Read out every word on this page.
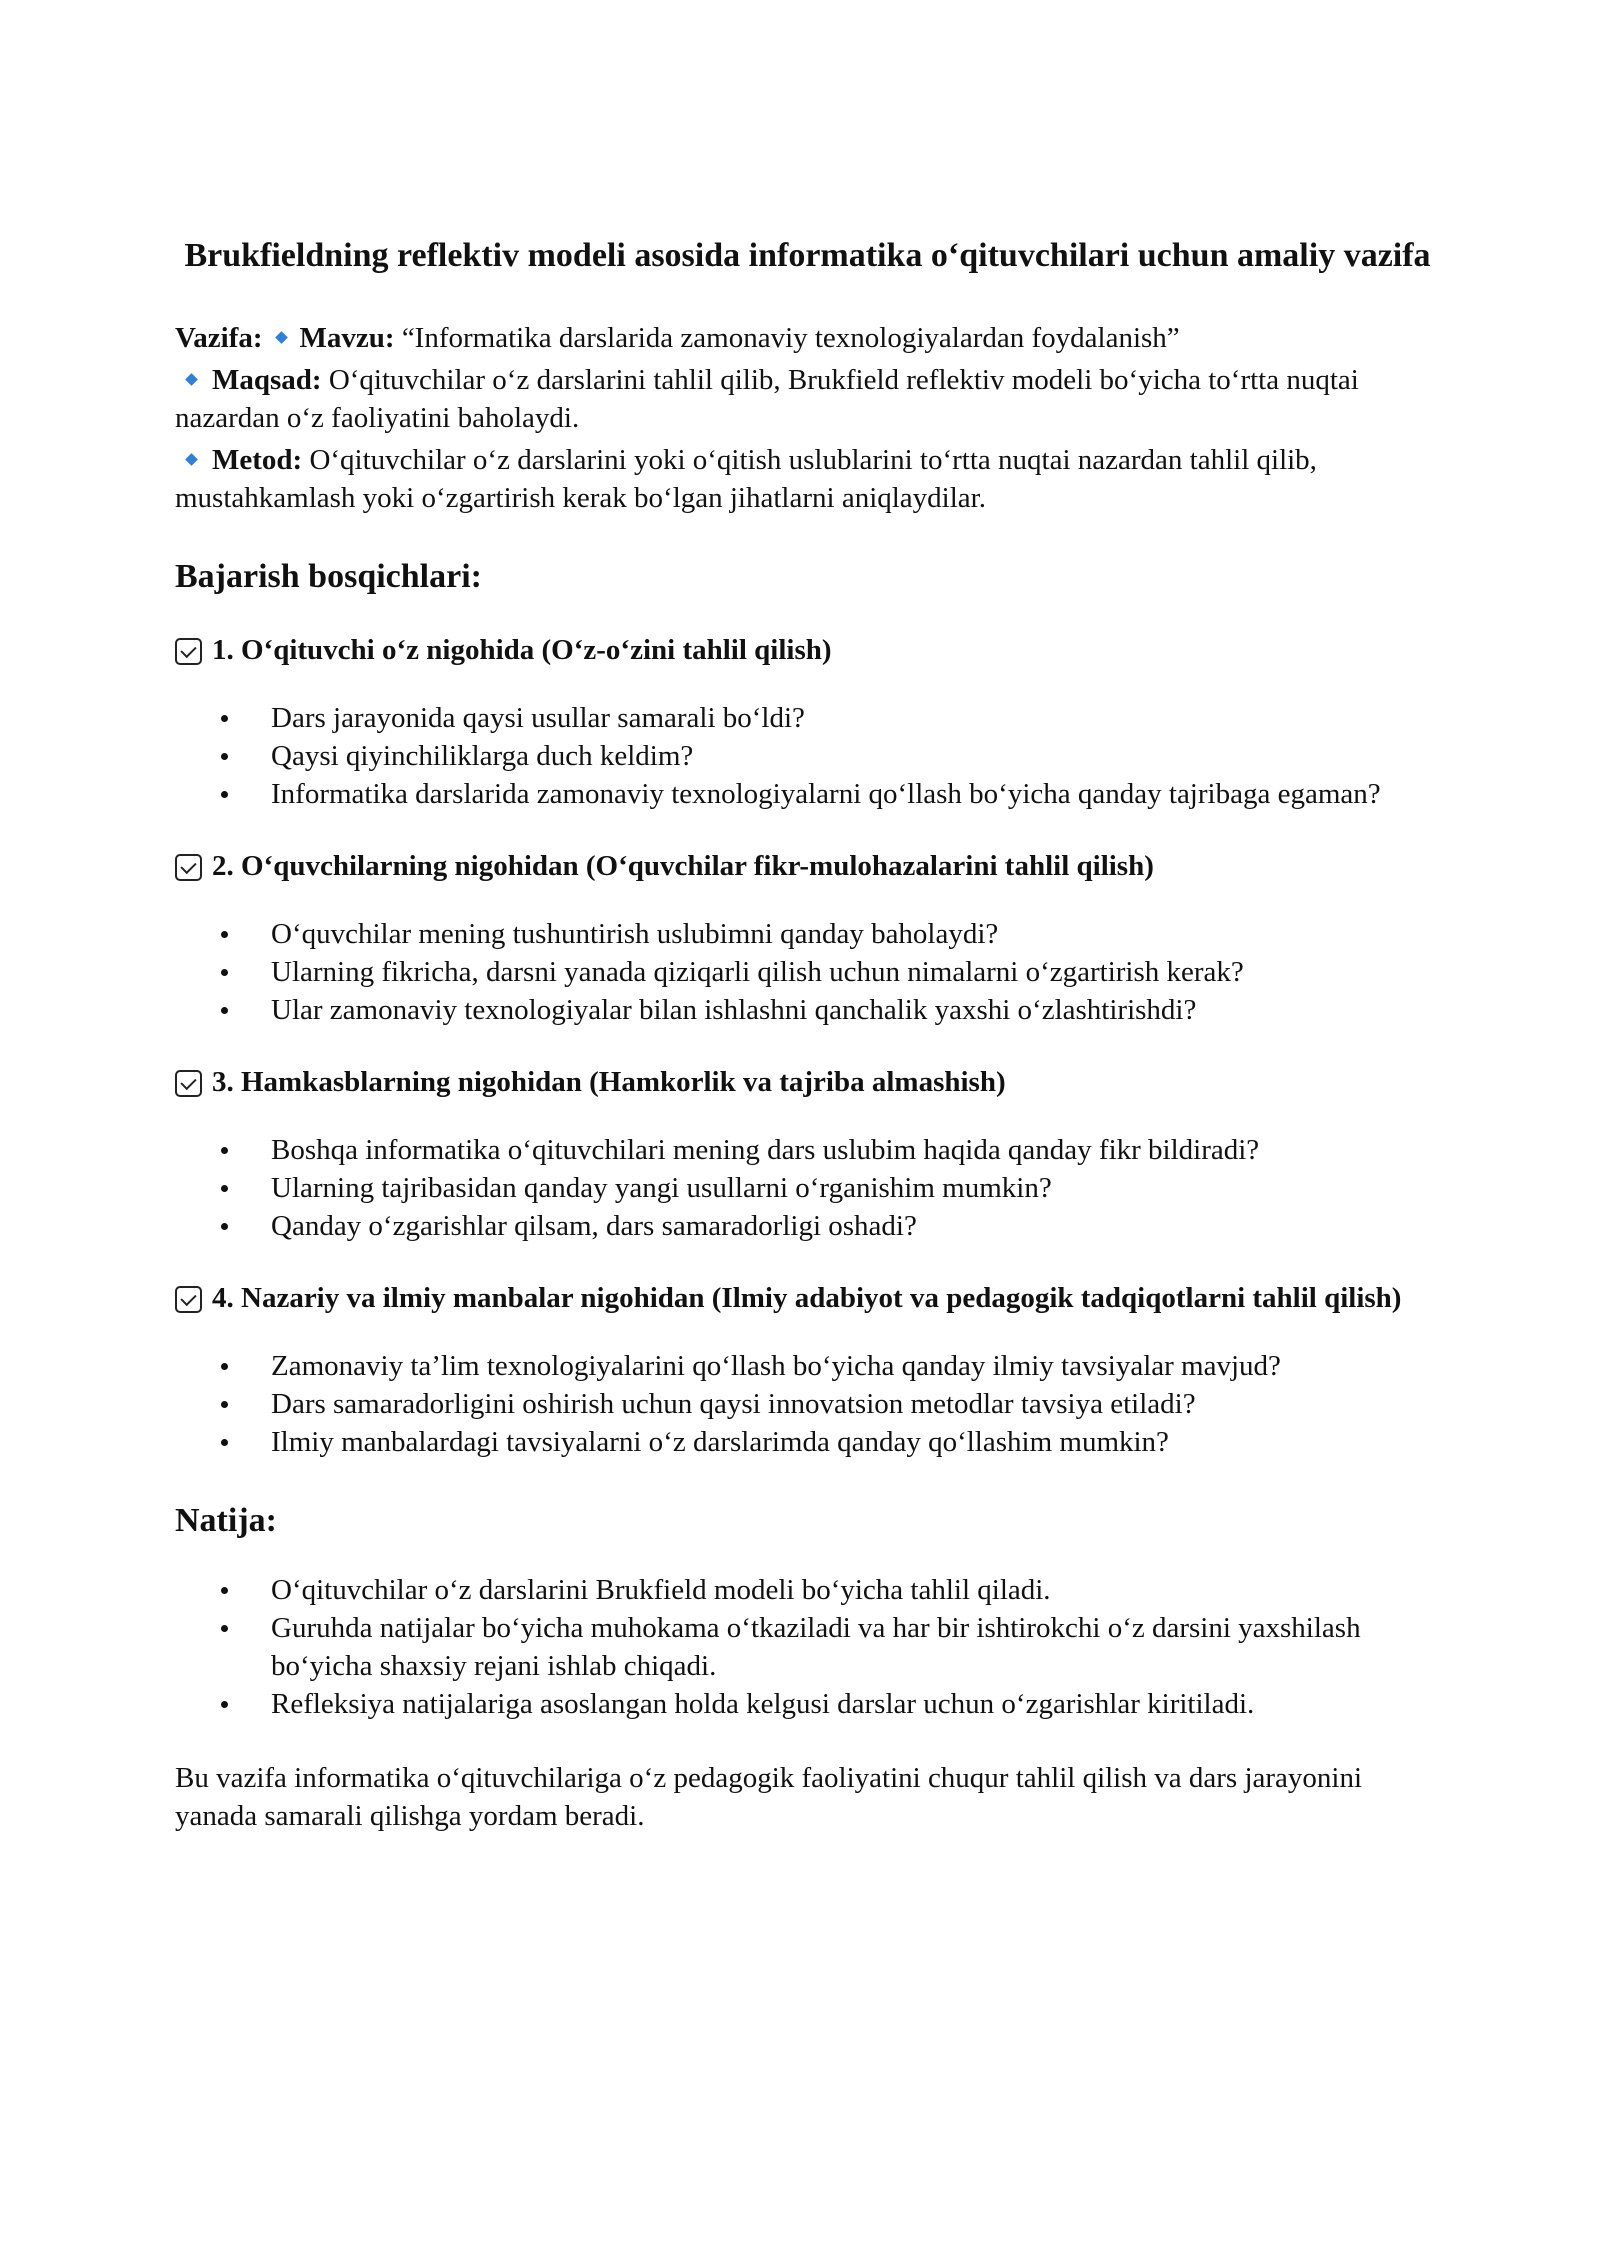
Brukfieldning reflektiv modeli asosida informatika o‘qituvchilari uchun amaliy vazifa

Vazifa: Mavzu: “Informatika darslarida zamonaviy texnologiyalardan foydalanish”

Maqsad: O‘qituvchilar o‘z darslarini tahlil qilib, Brukfield reflektiv modeli bo‘yicha to‘rtta nuqtai nazardan o‘z faoliyatini baholaydi.

Metod: O‘qituvchilar o‘z darslarini yoki o‘qitish uslublarini to‘rtta nuqtai nazardan tahlil qilib, mustahkamlash yoki o‘zgartirish kerak bo‘lgan jihatlarni aniqlaydilar.

Bajarish bosqichlari:
1. O‘qituvchi o‘z nigohida (O‘z-o‘zini tahlil qilish)
Dars jarayonida qaysi usullar samarali bo‘ldi?
Qaysi qiyinchiliklarga duch keldim?
Informatika darslarida zamonaviy texnologiyalarni qo‘llash bo‘yicha qanday tajribaga egaman?
2. O‘quvchilarning nigohidan (O‘quvchilar fikr-mulohazalarini tahlil qilish)
O‘quvchilar mening tushuntirish uslubimni qanday baholaydi?
Ularning fikricha, darsni yanada qiziqarli qilish uchun nimalarni o‘zgartirish kerak?
Ular zamonaviy texnologiyalar bilan ishlashni qanchalik yaxshi o‘zlashtirishdi?
3. Hamkasblarning nigohidan (Hamkorlik va tajriba almashish)
Boshqa informatika o‘qituvchilari mening dars uslubim haqida qanday fikr bildiradi?
Ularning tajribasidan qanday yangi usullarni o‘rganishim mumkin?
Qanday o‘zgarishlar qilsam, dars samaradorligi oshadi?
4. Nazariy va ilmiy manbalar nigohidan (Ilmiy adabiyot va pedagogik tadqiqotlarni tahlil qilish)
Zamonaviy ta’lim texnologiyalarini qo‘llash bo‘yicha qanday ilmiy tavsiyalar mavjud?
Dars samaradorligini oshirish uchun qaysi innovatsion metodlar tavsiya etiladi?
Ilmiy manbalardagi tavsiyalarni o‘z darslarimda qanday qo‘llashim mumkin?
Natija:
O‘qituvchilar o‘z darslarini Brukfield modeli bo‘yicha tahlil qiladi.
Guruhda natijalar bo‘yicha muhokama o‘tkaziladi va har bir ishtirokchi o‘z darsini yaxshilash bo‘yicha shaxsiy rejani ishlab chiqadi.
Refleksiya natijalariga asoslangan holda kelgusi darslar uchun o‘zgarishlar kiritiladi.

Bu vazifa informatika o‘qituvchilariga o‘z pedagogik faoliyatini chuqur tahlil qilish va dars jarayonini yanada samarali qilishga yordam beradi.
